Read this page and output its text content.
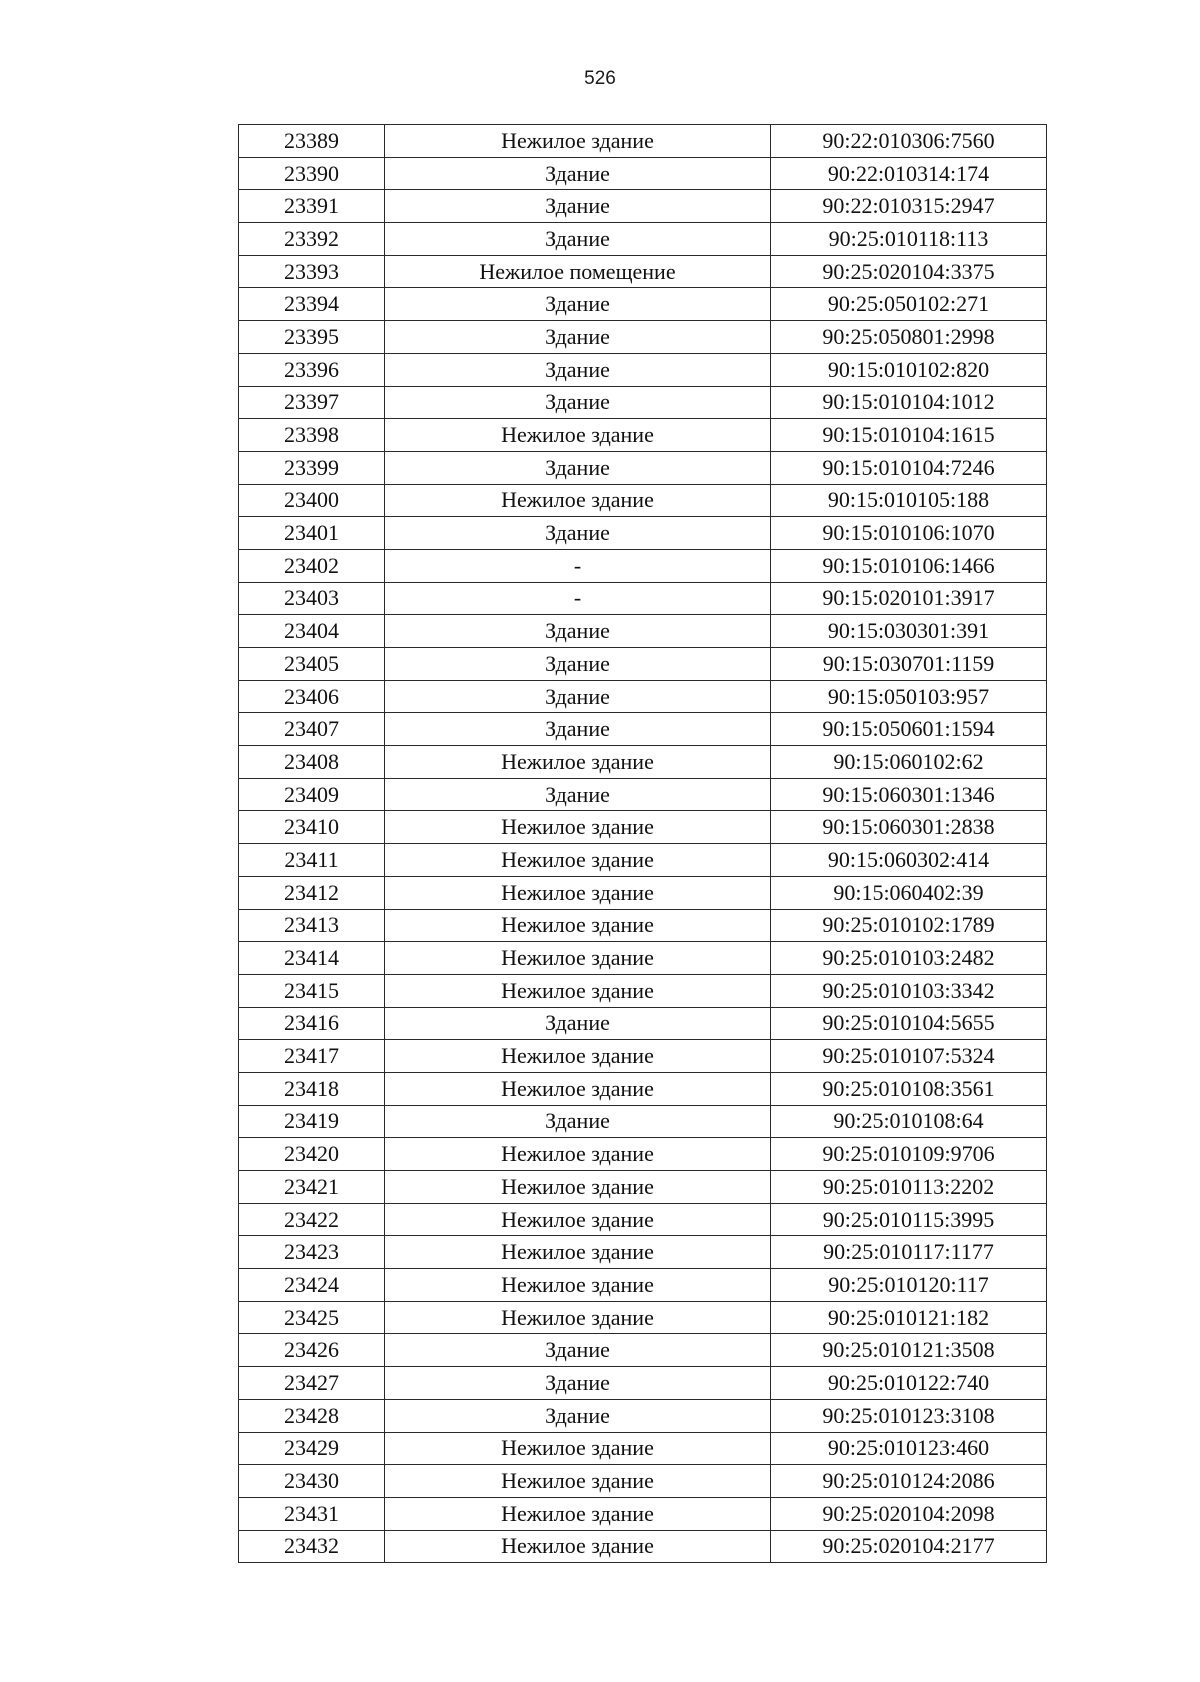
526
23389	Нежилое здание	90:22:010306:7560
23390	Здание	90:22:010314:174
23391	Здание	90:22:010315:2947
23392	Здание	90:25:010118:113
23393	Нежилое помещение	90:25:020104:3375
23394	Здание	90:25:050102:271
23395	Здание	90:25:050801:2998
23396	Здание	90:15:010102:820
23397	Здание	90:15:010104:1012
23398	Нежилое здание	90:15:010104:1615
23399	Здание	90:15:010104:7246
23400	Нежилое здание	90:15:010105:188
23401	Здание	90:15:010106:1070
23402	-	90:15:010106:1466
23403	-	90:15:020101:3917
23404	Здание	90:15:030301:391
23405	Здание	90:15:030701:1159
23406	Здание	90:15:050103:957
23407	Здание	90:15:050601:1594
23408	Нежилое здание	90:15:060102:62
23409	Здание	90:15:060301:1346
23410	Нежилое здание	90:15:060301:2838
23411	Нежилое здание	90:15:060302:414
23412	Нежилое здание	90:15:060402:39
23413	Нежилое здание	90:25:010102:1789
23414	Нежилое здание	90:25:010103:2482
23415	Нежилое здание	90:25:010103:3342
23416	Здание	90:25:010104:5655
23417	Нежилое здание	90:25:010107:5324
23418	Нежилое здание	90:25:010108:3561
23419	Здание	90:25:010108:64
23420	Нежилое здание	90:25:010109:9706
23421	Нежилое здание	90:25:010113:2202
23422	Нежилое здание	90:25:010115:3995
23423	Нежилое здание	90:25:010117:1177
23424	Нежилое здание	90:25:010120:117
23425	Нежилое здание	90:25:010121:182
23426	Здание	90:25:010121:3508
23427	Здание	90:25:010122:740
23428	Здание	90:25:010123:3108
23429	Нежилое здание	90:25:010123:460
23430	Нежилое здание	90:25:010124:2086
23431	Нежилое здание	90:25:020104:2098
23432	Нежилое здание	90:25:020104:2177
